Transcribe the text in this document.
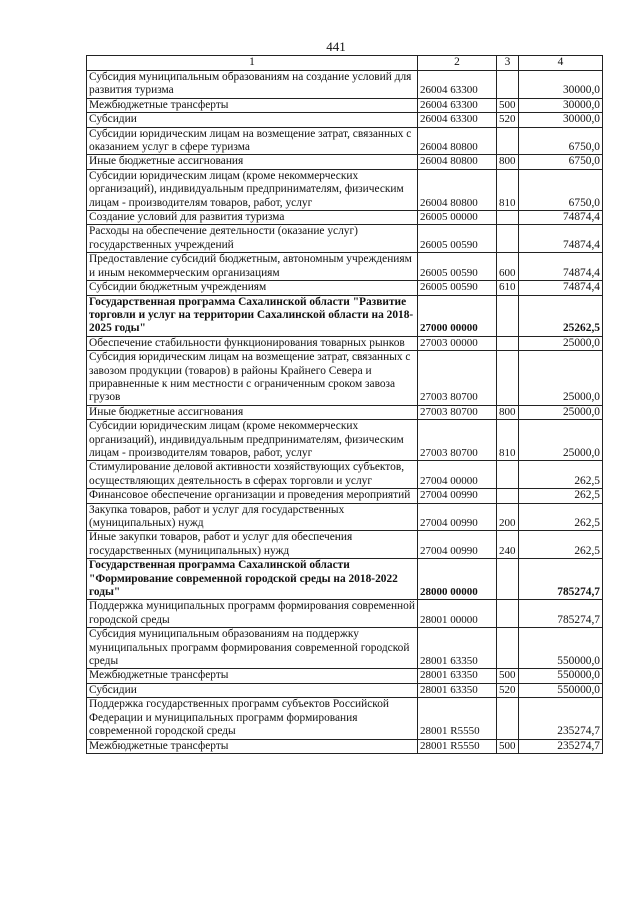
441
1	2	3	4
Субсидия муниципальным образованиям на создание условий для развития туризма	26004 63300		30000,0
Межбюджетные трансферты	26004 63300	500	30000,0
Субсидии	26004 63300	520	30000,0
Субсидии юридическим лицам на возмещение затрат, связанных с оказанием услуг в сфере туризма	26004 80800		6750,0
Иные бюджетные ассигнования	26004 80800	800	6750,0
Субсидии юридическим лицам (кроме некоммерческих организаций), индивидуальным предпринимателям, физическим лицам - производителям товаров, работ, услуг	26004 80800	810	6750,0
Создание условий для развития туризма	26005 00000		74874,4
Расходы на обеспечение деятельности (оказание услуг) государственных учреждений	26005 00590		74874,4
Предоставление субсидий бюджетным, автономным учреждениям и иным некоммерческим организациям	26005 00590	600	74874,4
Субсидии бюджетным учреждениям	26005 00590	610	74874,4
Государственная программа Сахалинской области "Развитие торговли и услуг на территории Сахалинской области на 2018-2025 годы"	27000 00000		25262,5
Обеспечение стабильности функционирования товарных рынков	27003 00000		25000,0
Субсидия юридическим лицам на возмещение затрат, связанных с завозом продукции (товаров) в районы Крайнего Севера и приравненные к ним местности с ограниченным сроком завоза грузов	27003 80700		25000,0
Иные бюджетные ассигнования	27003 80700	800	25000,0
Субсидии юридическим лицам (кроме некоммерческих организаций), индивидуальным предпринимателям, физическим лицам - производителям товаров, работ, услуг	27003 80700	810	25000,0
Стимулирование деловой активности хозяйствующих субъектов, осуществляющих деятельность в сферах торговли и услуг	27004 00000		262,5
Финансовое обеспечение организации и проведения мероприятий	27004 00990		262,5
Закупка товаров, работ и услуг для государственных (муниципальных) нужд	27004 00990	200	262,5
Иные закупки товаров, работ и услуг для обеспечения государственных (муниципальных) нужд	27004 00990	240	262,5
Государственная программа Сахалинской области "Формирование современной городской среды на 2018-2022 годы"	28000 00000		785274,7
Поддержка муниципальных программ формирования современной городской среды	28001 00000		785274,7
Субсидия муниципальным образованиям на поддержку муниципальных программ формирования современной городской среды	28001 63350		550000,0
Межбюджетные трансферты	28001 63350	500	550000,0
Субсидии	28001 63350	520	550000,0
Поддержка государственных программ субъектов Российской Федерации и муниципальных программ формирования современной городской среды	28001 R5550		235274,7
Межбюджетные трансферты	28001 R5550	500	235274,7
